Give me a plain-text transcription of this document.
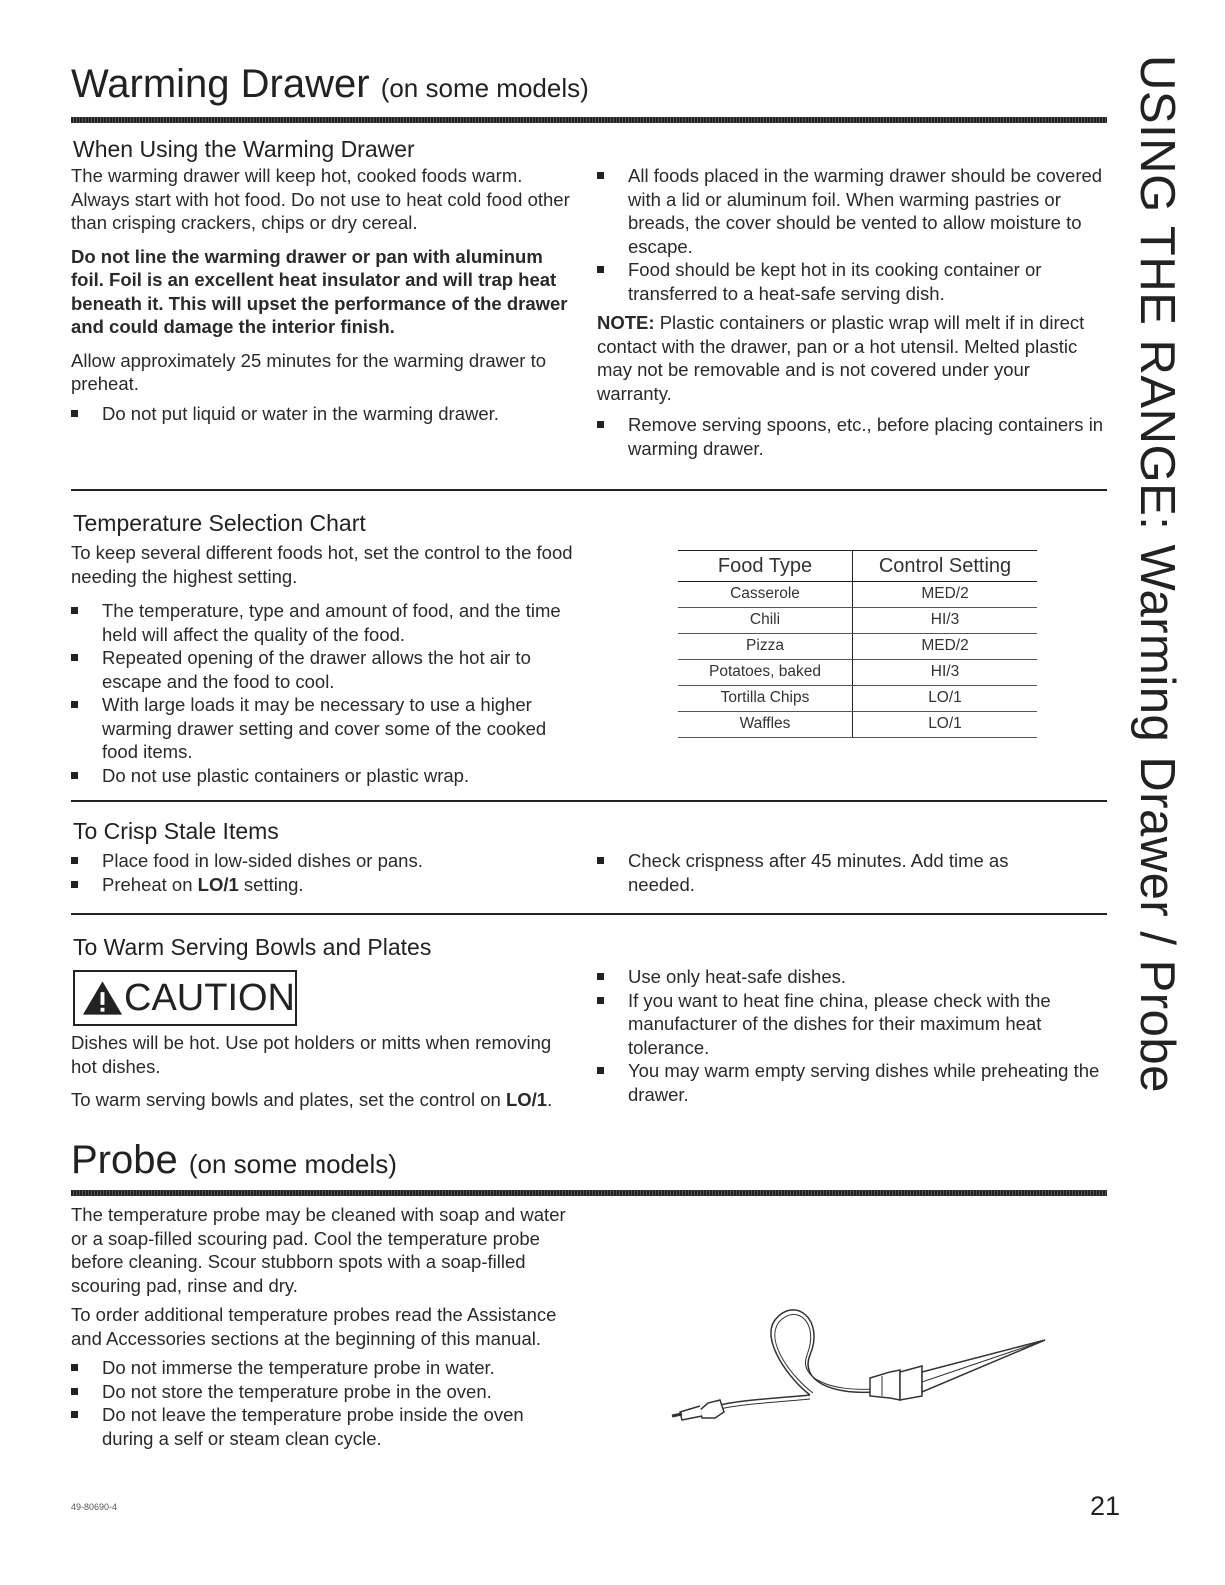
Warming Drawer (on some models)
When Using the Warming Drawer

The warming drawer will keep hot, cooked foods warm. Always start with hot food. Do not use to heat cold food other than crisping crackers, chips or dry cereal.

Do not line the warming drawer or pan with aluminum foil. Foil is an excellent heat insulator and will trap heat beneath it. This will upset the performance of the drawer and could damage the interior finish.

Allow approximately 25 minutes for the warming drawer to preheat.

Do not put liquid or water in the warming drawer.
All foods placed in the warming drawer should be covered with a lid or aluminum foil. When warming pastries or breads, the cover should be vented to allow moisture to escape.
Food should be kept hot in its cooking container or transferred to a heat-safe serving dish.

NOTE: Plastic containers or plastic wrap will melt if in direct contact with the drawer, pan or a hot utensil. Melted plastic may not be removable and is not covered under your warranty.

Remove serving spoons, etc., before placing containers in warming drawer.
Temperature Selection Chart

To keep several different foods hot, set the control to the food needing the highest setting.

The temperature, type and amount of food, and the time held will affect the quality of the food.
Repeated opening of the drawer allows the hot air to escape and the food to cool.
With large loads it may be necessary to use a higher warming drawer setting and cover some of the cooked food items.
Do not use plastic containers or plastic wrap.
Food Type	Control Setting
Casserole	MED/2
Chili	HI/3
Pizza	MED/2
Potatoes, baked	HI/3
Tortilla Chips	LO/1
Waffles	LO/1
To Crisp Stale Items
Place food in low-sided dishes or pans.
Preheat on LO/1 setting.
Check crispness after 45 minutes. Add time as needed.
To Warm Serving Bowls and Plates
CAUTION

Dishes will be hot. Use pot holders or mitts when removing hot dishes.

To warm serving bowls and plates, set the control on LO/1.

Use only heat-safe dishes.
If you want to heat fine china, please check with the manufacturer of the dishes for their maximum heat tolerance.
You may warm empty serving dishes while preheating the drawer.
Probe (on some models)

The temperature probe may be cleaned with soap and water or a soap-filled scouring pad. Cool the temperature probe before cleaning. Scour stubborn spots with a soap-filled scouring pad, rinse and dry.

To order additional temperature probes read the Assistance and Accessories sections at the beginning of this manual.

Do not immerse the temperature probe in water.
Do not store the temperature probe in the oven.
Do not leave the temperature probe inside the oven during a self or steam clean cycle.
USING THE RANGE: Warming Drawer / Probe
49-80690-4	21
